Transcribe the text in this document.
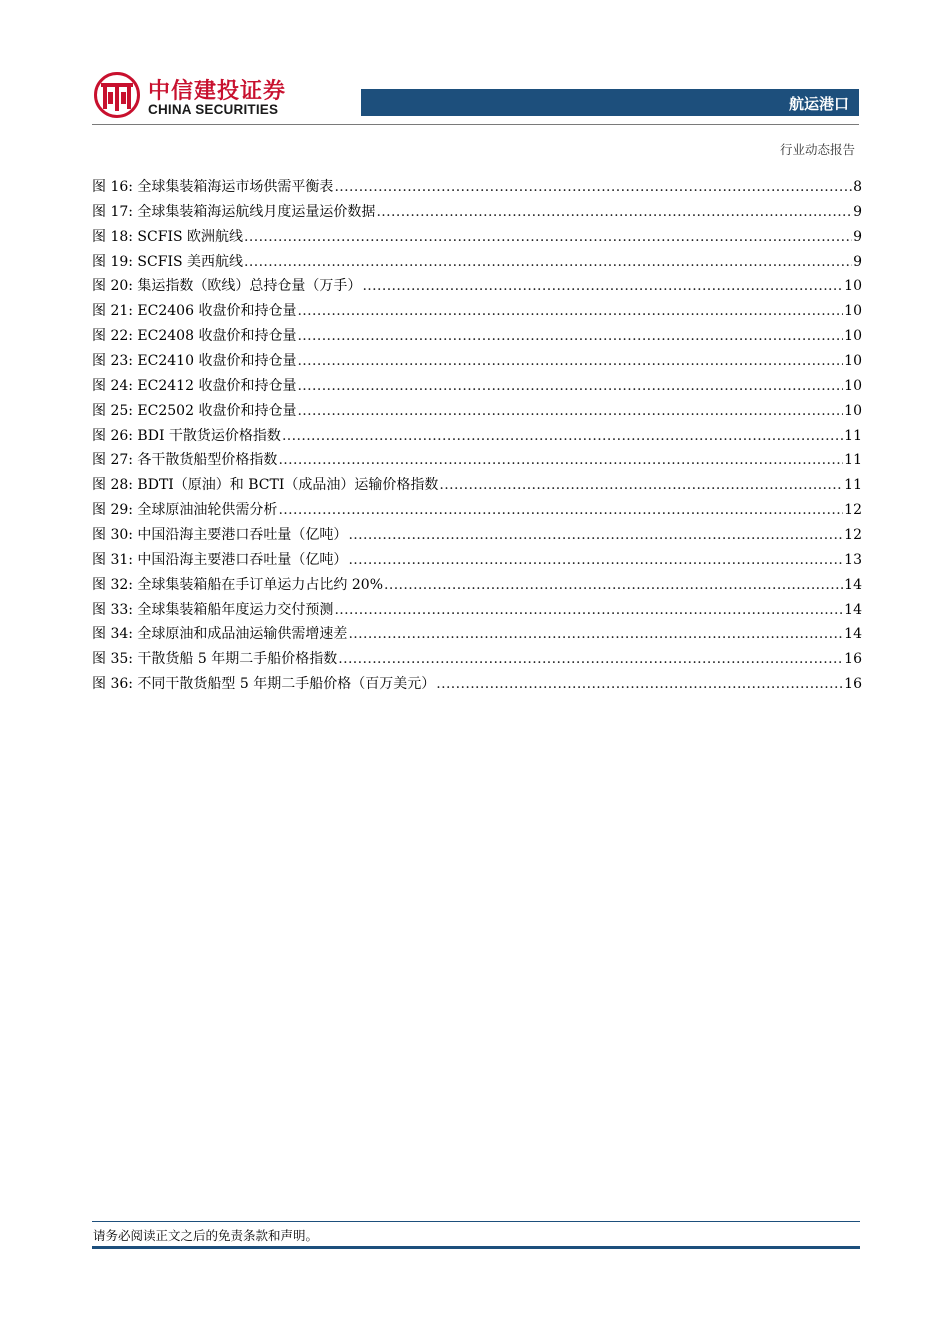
中信建投证券
CHINA SECURITIES	航运港口
行业动态报告
图 16: 全球集装箱海运市场供需平衡表 .....	8
图 17: 全球集装箱海运航线月度运量运价数据 .....	9
图 18: SCFIS 欧洲航线 .....	9
图 19: SCFIS 美西航线 .....	9
图 20: 集运指数（欧线）总持仓量（万手） .....	10
图 21: EC2406 收盘价和持仓量 .....	10
图 22: EC2408 收盘价和持仓量 .....	10
图 23: EC2410 收盘价和持仓量 .....	10
图 24: EC2412 收盘价和持仓量 .....	10
图 25: EC2502 收盘价和持仓量 .....	10
图 26: BDI 干散货运价格指数 .....	11
图 27: 各干散货船型价格指数 .....	11
图 28: BDTI（原油）和 BCTI（成品油）运输价格指数 .....	11
图 29: 全球原油油轮供需分析 .....	12
图 30: 中国沿海主要港口吞吐量（亿吨） .....	12
图 31: 中国沿海主要港口吞吐量（亿吨） .....	13
图 32: 全球集装箱船在手订单运力占比约 20% .....	14
图 33: 全球集装箱船年度运力交付预测 .....	14
图 34: 全球原油和成品油运输供需增速差 .....	14
图 35: 干散货船 5 年期二手船价格指数 .....	16
图 36: 不同干散货船型 5 年期二手船价格（百万美元） .....	16
请务必阅读正文之后的免责条款和声明。
